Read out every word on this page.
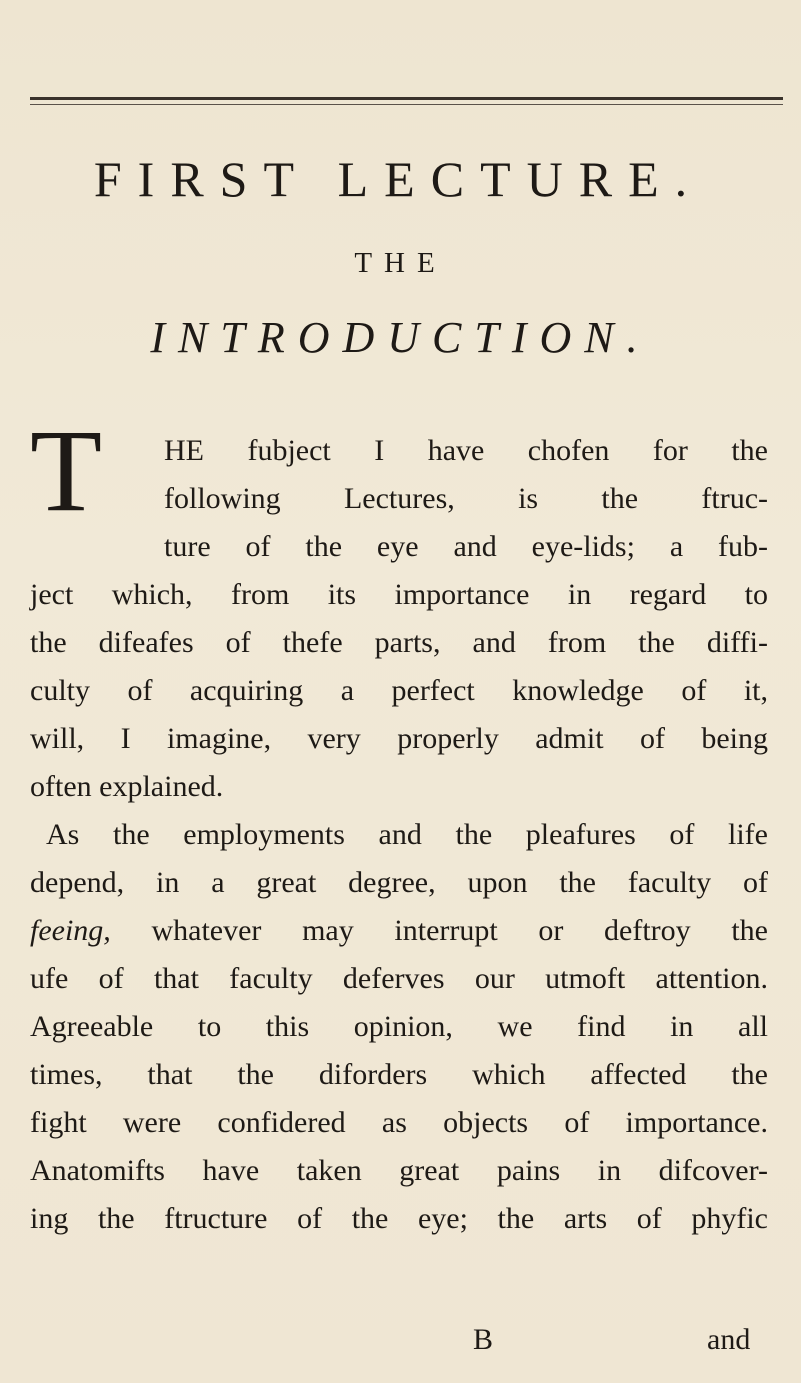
FIRST LECTURE.
THE
INTRODUCTION.
T	HE fubject I have chofen for the
following Lectures, is the ftruc-
ture of the eye and eye-lids; a fub-
ject which, from its importance in regard to
the difeafes of thefe parts, and from the diffi-
culty of acquiring a perfect knowledge of it,
will, I imagine, very properly admit of being
often explained.
As the employments and the pleafures of life
depend, in a great degree, upon the faculty of
feeing, whatever may interrupt or deftroy the
ufe of that faculty deferves our utmoft attention.
Agreeable to this opinion, we find in all
times, that the diforders which affected the
fight were confidered as objects of importance.
Anatomifts have taken great pains in difcover-
ing the ftructure of the eye; the arts of phyfic
B	and
